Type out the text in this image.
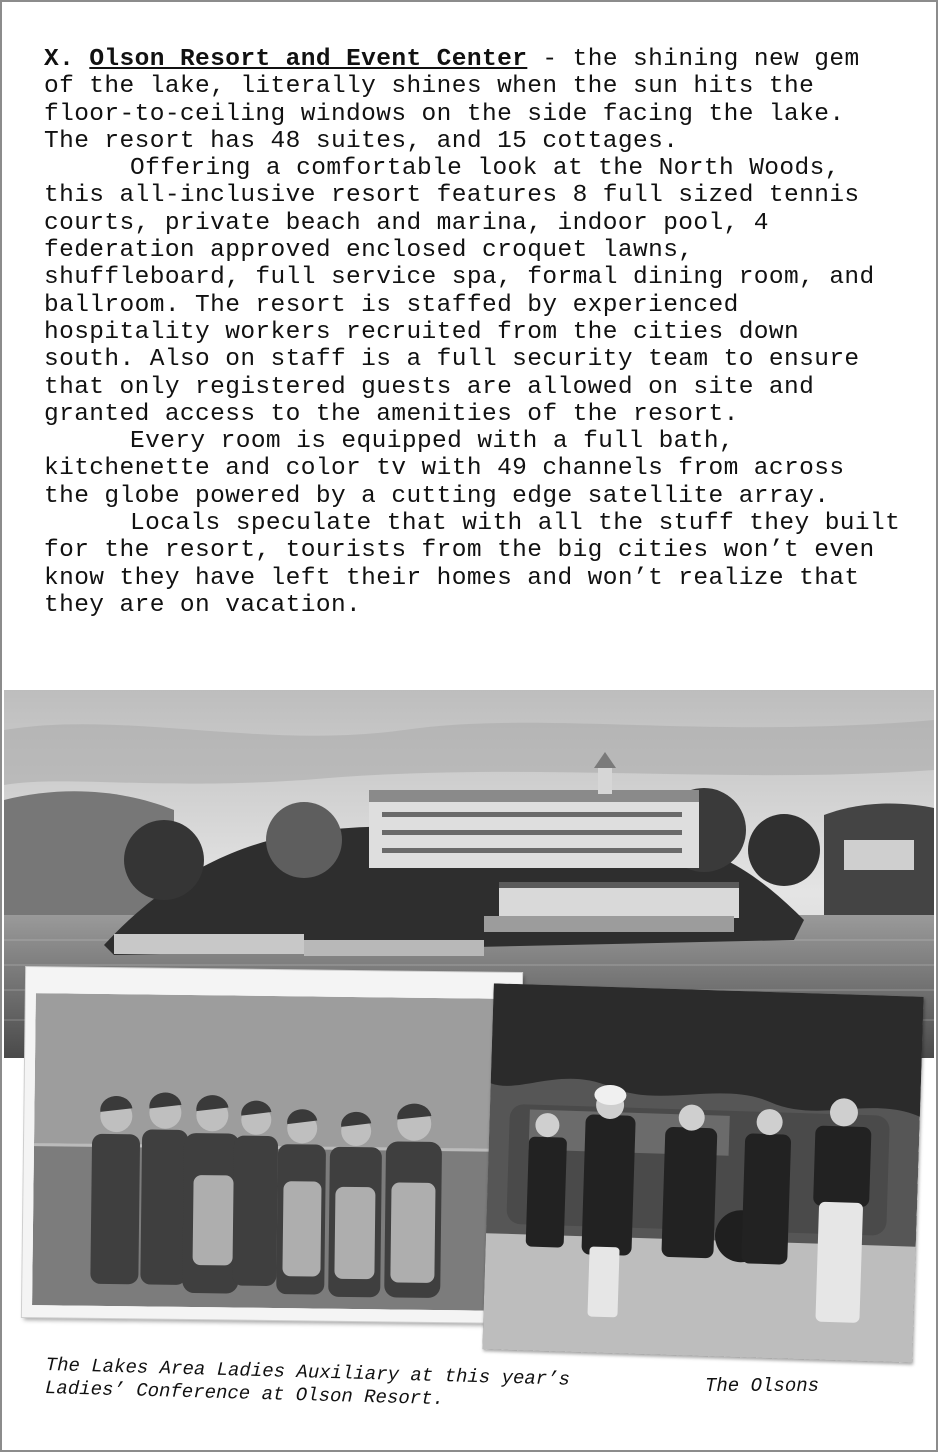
X. Olson Resort and Event Center - the shining new gem of the lake, literally shines when the sun hits the floor-to-ceiling windows on the side facing the lake. The resort has 48 suites, and 15 cottages.

Offering a comfortable look at the North Woods, this all-inclusive resort features 8 full sized tennis courts, private beach and marina, indoor pool, 4 federation approved enclosed croquet lawns, shuffleboard, full service spa, formal dining room, and ballroom. The resort is staffed by experienced hospitality workers recruited from the cities down south. Also on staff is a full security team to ensure that only registered guests are allowed on site and granted access to the amenities of the resort.

Every room is equipped with a full bath, kitchenette and color tv with 49 channels from across the globe powered by a cutting edge satellite array.

Locals speculate that with all the stuff they built for the resort, tourists from the big cities won’t even know they have left their homes and won’t realize that they are on vacation.

The Lakes Area Ladies Auxiliary at this year’s Ladies’ Conference at Olson Resort.	The Olsons
